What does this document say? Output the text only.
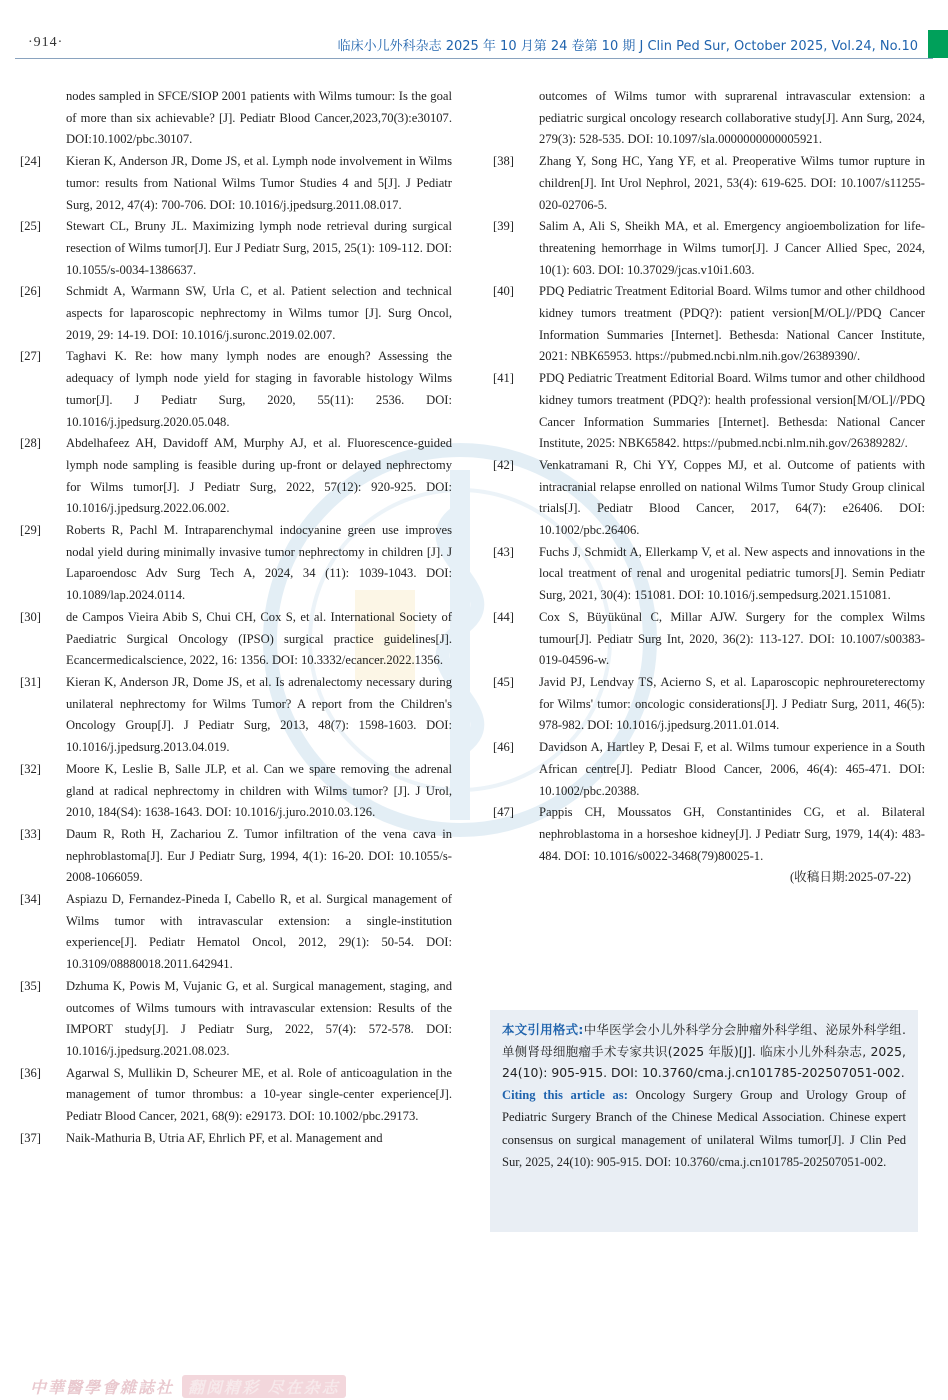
·914·	临床小儿外科杂志 2025 年 10 月第 24 卷第 10 期 J Clin Ped Sur, October 2025, Vol.24, No.10

nodes sampled in SFCE/SIOP 2001 patients with Wilms tumour: Is the goal of more than six achievable? [J]. Pediatr Blood Cancer,2023,70(3):e30107. DOI:10.1002/pbc.30107.

[24]	Kieran K, Anderson JR, Dome JS, et al. Lymph node involvement in Wilms tumor: results from National Wilms Tumor Studies 4 and 5[J]. J Pediatr Surg, 2012, 47(4): 700-706. DOI: 10.1016/j.jpedsurg.2011.08.017.
[25]	Stewart CL, Bruny JL. Maximizing lymph node retrieval during surgical resection of Wilms tumor[J]. Eur J Pediatr Surg, 2015, 25(1): 109-112. DOI: 10.1055/s-0034-1386637.
[26]	Schmidt A, Warmann SW, Urla C, et al. Patient selection and technical aspects for laparoscopic nephrectomy in Wilms tumor [J]. Surg Oncol, 2019, 29: 14-19. DOI: 10.1016/j.suronc.2019.02.007.
[27]	Taghavi K. Re: how many lymph nodes are enough? Assessing the adequacy of lymph node yield for staging in favorable histology Wilms tumor[J]. J Pediatr Surg, 2020, 55(11): 2536. DOI: 10.1016/j.jpedsurg.2020.05.048.
[28]	Abdelhafeez AH, Davidoff AM, Murphy AJ, et al. Fluorescence-guided lymph node sampling is feasible during up-front or delayed nephrectomy for Wilms tumor[J]. J Pediatr Surg, 2022, 57(12): 920-925. DOI: 10.1016/j.jpedsurg.2022.06.002.
[29]	Roberts R, Pachl M. Intraparenchymal indocyanine green use improves nodal yield during minimally invasive tumor nephrectomy in children [J]. J Laparoendosc Adv Surg Tech A, 2024, 34 (11): 1039-1043. DOI: 10.1089/lap.2024.0114.
[30]	de Campos Vieira Abib S, Chui CH, Cox S, et al. International Society of Paediatric Surgical Oncology (IPSO) surgical practice guidelines[J]. Ecancermedicalscience, 2022, 16: 1356. DOI: 10.3332/ecancer.2022.1356.
[31]	Kieran K, Anderson JR, Dome JS, et al. Is adrenalectomy necessary during unilateral nephrectomy for Wilms Tumor? A report from the Children's Oncology Group[J]. J Pediatr Surg, 2013, 48(7): 1598-1603. DOI: 10.1016/j.jpedsurg.2013.04.019.
[32]	Moore K, Leslie B, Salle JLP, et al. Can we spare removing the adrenal gland at radical nephrectomy in children with Wilms tumor? [J]. J Urol, 2010, 184(S4): 1638-1643. DOI: 10.1016/j.juro.2010.03.126.
[33]	Daum R, Roth H, Zachariou Z. Tumor infiltration of the vena cava in nephroblastoma[J]. Eur J Pediatr Surg, 1994, 4(1): 16-20. DOI: 10.1055/s-2008-1066059.
[34]	Aspiazu D, Fernandez-Pineda I, Cabello R, et al. Surgical management of Wilms tumor with intravascular extension: a single-institution experience[J]. Pediatr Hematol Oncol, 2012, 29(1): 50-54. DOI: 10.3109/08880018.2011.642941.
[35]	Dzhuma K, Powis M, Vujanic G, et al. Surgical management, staging, and outcomes of Wilms tumours with intravascular extension: Results of the IMPORT study[J]. J Pediatr Surg, 2022, 57(4): 572-578. DOI: 10.1016/j.jpedsurg.2021.08.023.
[36]	Agarwal S, Mullikin D, Scheurer ME, et al. Role of anticoagulation in the management of tumor thrombus: a 10-year single-center experience[J]. Pediatr Blood Cancer, 2021, 68(9): e29173. DOI: 10.1002/pbc.29173.
[37]	Naik-Mathuria B, Utria AF, Ehrlich PF, et al. Management and

outcomes of Wilms tumor with suprarenal intravascular extension: a pediatric surgical oncology research collaborative study[J]. Ann Surg, 2024, 279(3): 528-535. DOI: 10.1097/sla.0000000000005921.

[38]	Zhang Y, Song HC, Yang YF, et al. Preoperative Wilms tumor rupture in children[J]. Int Urol Nephrol, 2021, 53(4): 619-625. DOI: 10.1007/s11255-020-02706-5.
[39]	Salim A, Ali S, Sheikh MA, et al. Emergency angioembolization for life-threatening hemorrhage in Wilms tumor[J]. J Cancer Allied Spec, 2024, 10(1): 603. DOI: 10.37029/jcas.v10i1.603.
[40]	PDQ Pediatric Treatment Editorial Board. Wilms tumor and other childhood kidney tumors treatment (PDQ?): patient version[M/OL]//PDQ Cancer Information Summaries [Internet]. Bethesda: National Cancer Institute, 2021: NBK65953. https://pubmed.ncbi.nlm.nih.gov/26389390/.
[41]	PDQ Pediatric Treatment Editorial Board. Wilms tumor and other childhood kidney tumors treatment (PDQ?): health professional version[M/OL]//PDQ Cancer Information Summaries [Internet]. Bethesda: National Cancer Institute, 2025: NBK65842. https://pubmed.ncbi.nlm.nih.gov/26389282/.
[42]	Venkatramani R, Chi YY, Coppes MJ, et al. Outcome of patients with intracranial relapse enrolled on national Wilms Tumor Study Group clinical trials[J]. Pediatr Blood Cancer, 2017, 64(7): e26406. DOI: 10.1002/pbc.26406.
[43]	Fuchs J, Schmidt A, Ellerkamp V, et al. New aspects and innovations in the local treatment of renal and urogenital pediatric tumors[J]. Semin Pediatr Surg, 2021, 30(4): 151081. DOI: 10.1016/j.sempedsurg.2021.151081.
[44]	Cox S, Büyükünal C, Millar AJW. Surgery for the complex Wilms tumour[J]. Pediatr Surg Int, 2020, 36(2): 113-127. DOI: 10.1007/s00383-019-04596-w.
[45]	Javid PJ, Lendvay TS, Acierno S, et al. Laparoscopic nephroureterectomy for Wilms' tumor: oncologic considerations[J]. J Pediatr Surg, 2011, 46(5): 978-982. DOI: 10.1016/j.jpedsurg.2011.01.014.
[46]	Davidson A, Hartley P, Desai F, et al. Wilms tumour experience in a South African centre[J]. Pediatr Blood Cancer, 2006, 46(4): 465-471. DOI: 10.1002/pbc.20388.
[47]	Pappis CH, Moussatos GH, Constantinides CG, et al. Bilateral nephroblastoma in a horseshoe kidney[J]. J Pediatr Surg, 1979, 14(4): 483-484. DOI: 10.1016/s0022-3468(79)80025-1.

(收稿日期:2025-07-22)

本文引用格式:中华医学会小儿外科学分会肿瘤外科学组、泌尿外科学组. 单侧肾母细胞瘤手术专家共识(2025 年版)[J]. 临床小儿外科杂志, 2025, 24(10): 905-915. DOI: 10.3760/cma.j.cn101785-202507051-002.

Citing this article as: Oncology Surgery Group and Urology Group of Pediatric Surgery Branch of the Chinese Medical Association. Chinese expert consensus on surgical management of unilateral Wilms tumor[J]. J Clin Ped Sur, 2025, 24(10): 905-915. DOI: 10.3760/cma.j.cn101785-202507051-002.

中華醫學會雜誌社 翻阅精彩 尽在杂志
